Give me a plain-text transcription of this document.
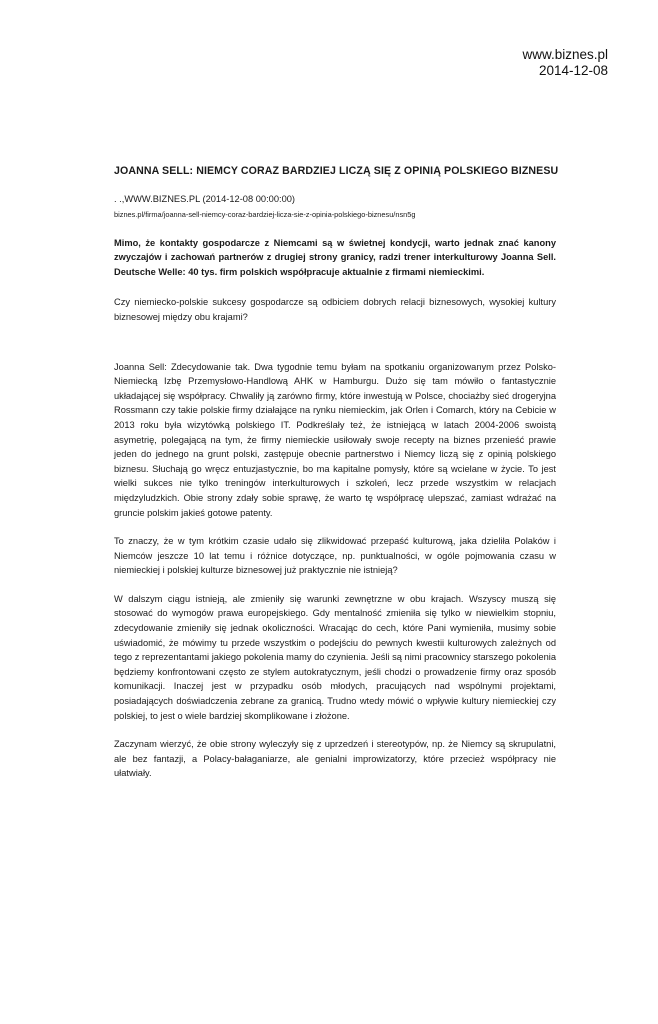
www.biznes.pl
2014-12-08
JOANNA SELL: NIEMCY CORAZ BARDZIEJ LICZĄ SIĘ Z OPINIĄ POLSKIEGO BIZNESU
. .,WWW.BIZNES.PL (2014-12-08 00:00:00)
biznes.pl/firma/joanna-sell-niemcy-coraz-bardziej-licza-sie-z-opinia-polskiego-biznesu/nsn5g

Mimo, że kontakty gospodarcze z Niemcami są w świetnej kondycji, warto jednak znać kanony zwyczajów i zachowań partnerów z drugiej strony granicy, radzi trener interkulturowy Joanna Sell. Deutsche Welle: 40 tys. firm polskich współpracuje aktualnie z firmami niemieckimi.

Czy niemiecko-polskie sukcesy gospodarcze są odbiciem dobrych relacji biznesowych, wysokiej kultury biznesowej między obu krajami?

Joanna Sell: Zdecydowanie tak. Dwa tygodnie temu byłam na spotkaniu organizowanym przez Polsko-Niemiecką Izbę Przemysłowo-Handlową AHK w Hamburgu. Dużo się tam mówiło o fantastycznie układającej się współpracy. Chwaliły ją zarówno firmy, które inwestują w Polsce, chociażby sieć drogeryjna Rossmann czy takie polskie firmy działające na rynku niemieckim, jak Orlen i Comarch, który na Cebicie w 2013 roku była wizytówką polskiego IT. Podkreślały też, że istniejącą w latach 2004-2006 swoistą asymetrię, polegającą na tym, że firmy niemieckie usiłowały swoje recepty na biznes przenieść prawie jeden do jednego na grunt polski, zastępuje obecnie partnerstwo i Niemcy liczą się z opinią polskiego biznesu. Słuchają go wręcz entuzjastycznie, bo ma kapitalne pomysły, które są wcielane w życie. To jest wielki sukces nie tylko treningów interkulturowych i szkoleń, lecz przede wszystkim w relacjach międzyludzkich. Obie strony zdały sobie sprawę, że warto tę współpracę ulepszać, zamiast wdrażać na gruncie polskim jakieś gotowe patenty.

To znaczy, że w tym krótkim czasie udało się zlikwidować przepaść kulturową, jaka dzieliła Polaków i Niemców jeszcze 10 lat temu i różnice dotyczące, np. punktualności, w ogóle pojmowania czasu w niemieckiej i polskiej kulturze biznesowej już praktycznie nie istnieją?

W dalszym ciągu istnieją, ale zmieniły się warunki zewnętrzne w obu krajach. Wszyscy muszą się stosować do wymogów prawa europejskiego. Gdy mentalność zmieniła się tylko w niewielkim stopniu, zdecydowanie zmieniły się jednak okoliczności. Wracając do cech, które Pani wymieniła, musimy sobie uświadomić, że mówimy tu przede wszystkim o podejściu do pewnych kwestii kulturowych zależnych od tego z reprezentantami jakiego pokolenia mamy do czynienia. Jeśli są nimi pracownicy starszego pokolenia będziemy konfrontowani często ze stylem autokratycznym, jeśli chodzi o prowadzenie firmy oraz sposób komunikacji. Inaczej jest w przypadku osób młodych, pracujących nad wspólnymi projektami, posiadających doświadczenia zebrane za granicą. Trudno wtedy mówić o wpływie kultury niemieckiej czy polskiej, to jest o wiele bardziej skomplikowane i złożone.

Zaczynam wierzyć, że obie strony wyleczyły się z uprzedzeń i stereotypów, np. że Niemcy są skrupulatni, ale bez fantazji, a Polacy-bałaganiarze, ale genialni improwizatorzy, które przecież współpracy nie ułatwiały.
